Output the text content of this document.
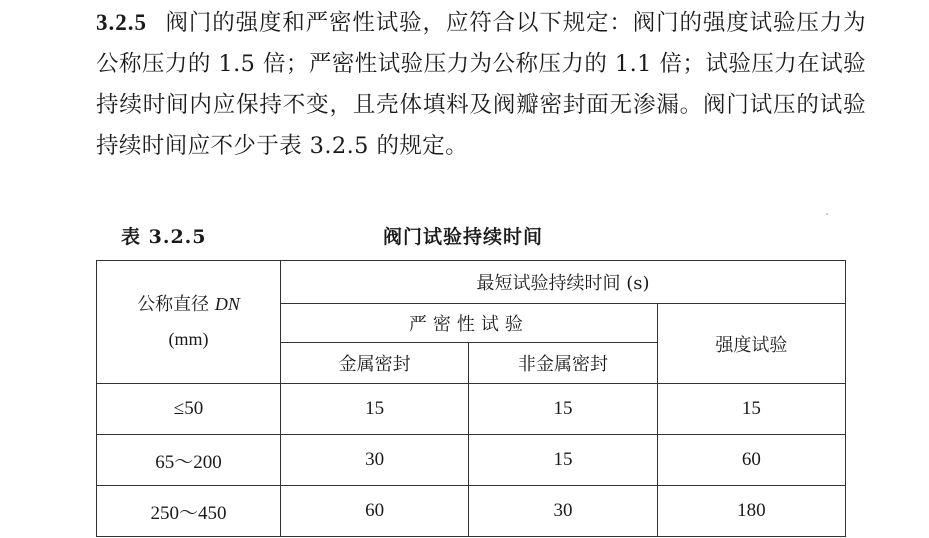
3.2.5 阀门的强度和严密性试验，应符合以下规定：阀门的强度试验压力为公称压力的 1.5 倍；严密性试验压力为公称压力的 1.1 倍；试验压力在试验持续时间内应保持不变，且壳体填料及阀瓣密封面无渗漏。阀门试压的试验持续时间应不少于表 3.2.5 的规定。
表 3.2.5	阀门试验持续时间
公称直径 DN
(mm)	最短试验持续时间 (s)		
	严密性试验		强度试验
	金属密封	非金属密封	
≤50	15	15	15
65～200	30	15	60
250～450	60	30	180
